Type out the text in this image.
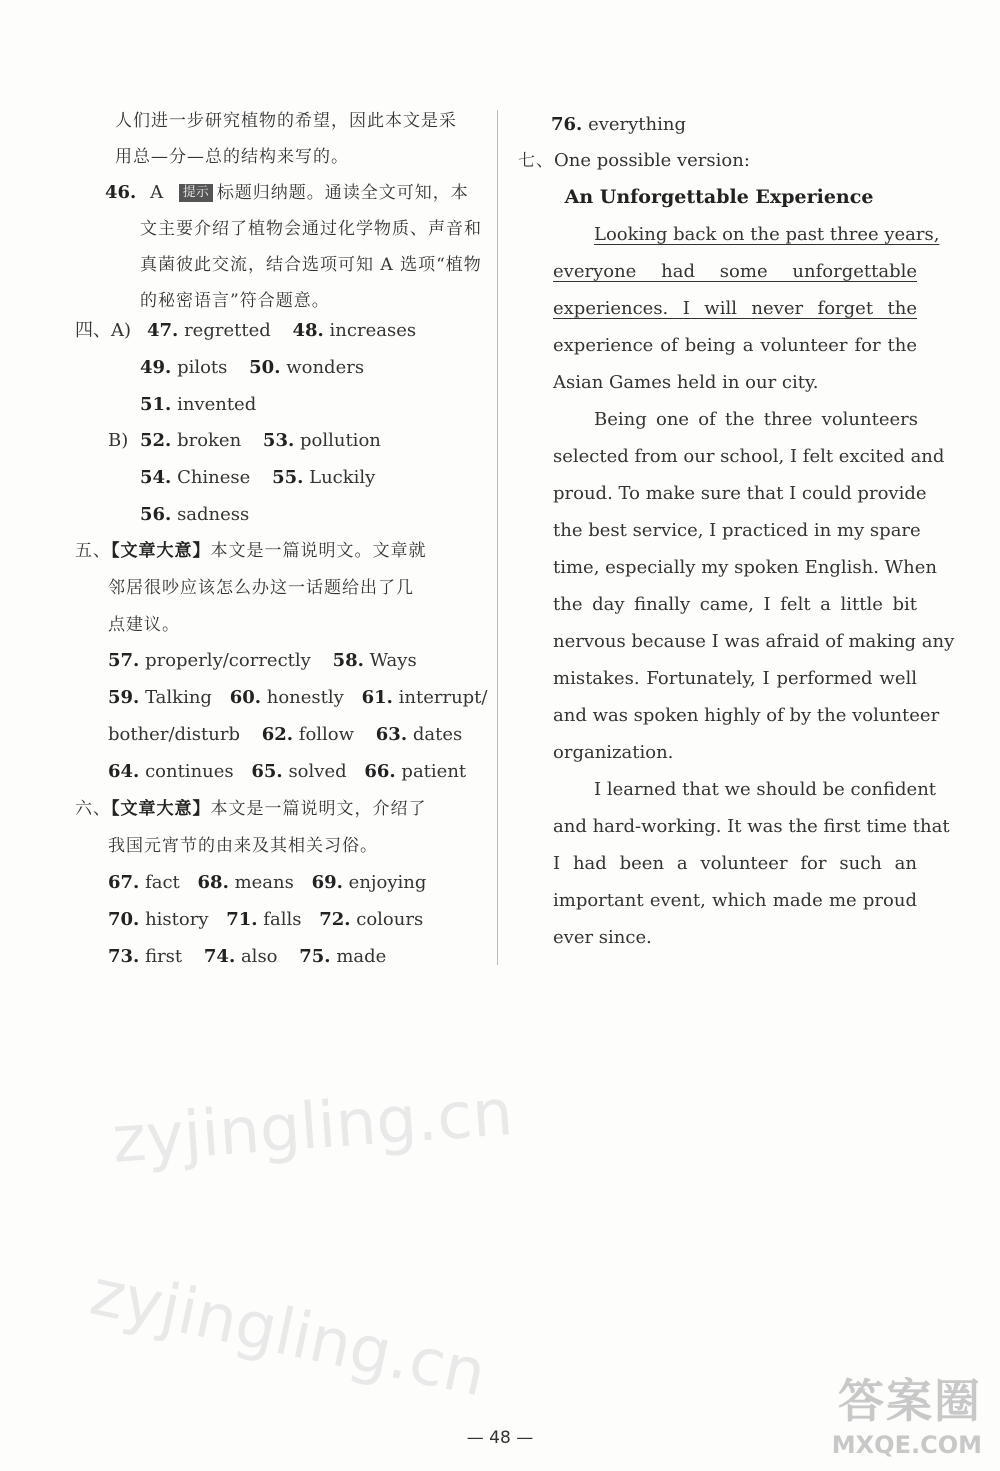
人们进一步研究植物的希望，因此本文是采
用总—分—总的结构来写的。
46. A 提示 标题归纳题。通读全文可知，本
文主要介绍了植物会通过化学物质、声音和
真菌彼此交流，结合选项可知 A 选项“植物
的秘密语言”符合题意。
四、A) 47. regretted 48. increases
49. pilots 50. wonders
51. invented
B) 52. broken 53. pollution
54. Chinese 55. Luckily
56. sadness
五、【文章大意】本文是一篇说明文。文章就
邻居很吵应该怎么办这一话题给出了几
点建议。
57. properly/correctly 58. Ways
59. Talking 60. honestly 61. interrupt/
bother/disturb 62. follow 63. dates
64. continues 65. solved 66. patient
六、【文章大意】本文是一篇说明文，介绍了
我国元宵节的由来及其相关习俗。
67. fact 68. means 69. enjoying
70. history 71. falls 72. colours
73. first 74. also 75. made
76. everything
七、One possible version:
An Unforgettable Experience
Looking back on the past three years,
everyone had some unforgettable
experiences. I will never forget the
experience of being a volunteer for the
Asian Games held in our city.
Being one of the three volunteers
selected from our school, I felt excited and
proud. To make sure that I could provide
the best service, I practiced in my spare
time, especially my spoken English. When
the day finally came, I felt a little bit
nervous because I was afraid of making any
mistakes. Fortunately, I performed well
and was spoken highly of by the volunteer
organization.
I learned that we should be confident
and hard-working. It was the first time that
I had been a volunteer for such an
important event, which made me proud
ever since.
zyjingling.cn
zyjingling.cn	答案圈
MXQE.COM
— 48 —
